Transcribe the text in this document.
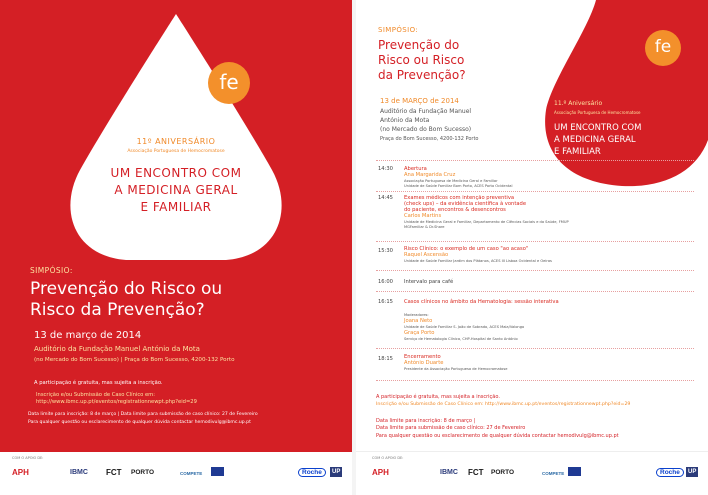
fe
11º ANIVERSÁRIO
Associação Portuguesa de Hemocromatose
UM ENCONTRO COM
A MEDICINA GERAL
E FAMILIAR
SIMPÓSIO:
Prevenção do Risco ou
Risco da Prevenção?
13 de março de 2014
Auditório da Fundação Manuel António da Mota
(no Mercado do Bom Sucesso) | Praça do Bom Sucesso, 4200-132 Porto
A participação é gratuita, mas sujeita a inscrição.
Inscrição e/ou Submissão de Caso Clínico em:
http://www.ibmc.up.pt/eventos/registrationnewpt.php?eid=29
Data limite para inscrição: 8 de março | Data limite para submissão de caso clínico: 27 de Fevereiro
Para qualquer questão ou esclarecimento de qualquer dúvida contactar hemodivulg@ibmc.up.pt
COM O APOIO DE:
APH	IBMC FCT PORTO	COMPETE	Roche	UP
fe
SIMPÓSIO:
Prevenção do
Risco ou Risco
da Prevenção?
13 de MARÇO de 2014
Auditório da Fundação Manuel
António da Mota
(no Mercado do Bom Sucesso)
Praça do Bom Sucesso, 4200-132 Porto
11.º Aniversário
Associação Portuguesa de Hemocromatose
UM ENCONTRO COM
A MEDICINA GERAL
E FAMILIAR
14:30	Abertura
Ana Margarida Cruz
Associação Portuguesa de Medicina Geral e Familiar
Unidade de Saúde Familiar Bom Porto, ACES Porto Ocidental
14:45	Exames médicos com intenção preventiva
(check ups) – da evidência científica à vontade
do paciente, encontros & desencontros
Carlos Martins
Unidade de Medicina Geral e Familiar, Departamento de Ciências Sociais e da Saúde, FMUP
MGFamiliar & Dr.Share
15:30	Risco Clínico: o exemplo de um caso "ao acaso"
Raquel Ascensão
Unidade de Saúde Familiar Jardim dos Plátanos, ACES III Lisboa Ocidental e Oeiras
16:00	Intervalo para café
16:15	Casos clínicos no âmbito da Hematologia: sessão interativa
Moderadores:
Joana Neto
Unidade de Saúde Familiar S. João de Sobrado, ACES Maia/Valongo
Graça Porto
Serviço de Hematologia Clínica, CHP-Hospital de Santo António
18:15	Encerramento
António Duarte
Presidente da Associação Portuguesa de Hemocromatose
A participação é gratuita, mas sujeita a inscrição.
Inscrição e/ou Submissão de Caso Clínico em: http://www.ibmc.up.pt/eventos/registrationnewpt.php?eid=29
Data limite para inscrição: 8 de março |
Data limite para submissão de caso clínico: 27 de Fevereiro
Para qualquer questão ou esclarecimento de qualquer dúvida contactar hemodivulg@ibmc.up.pt
COM O APOIO DE:
APH	IBMC FCT PORTO	COMPETE	Roche	UP
